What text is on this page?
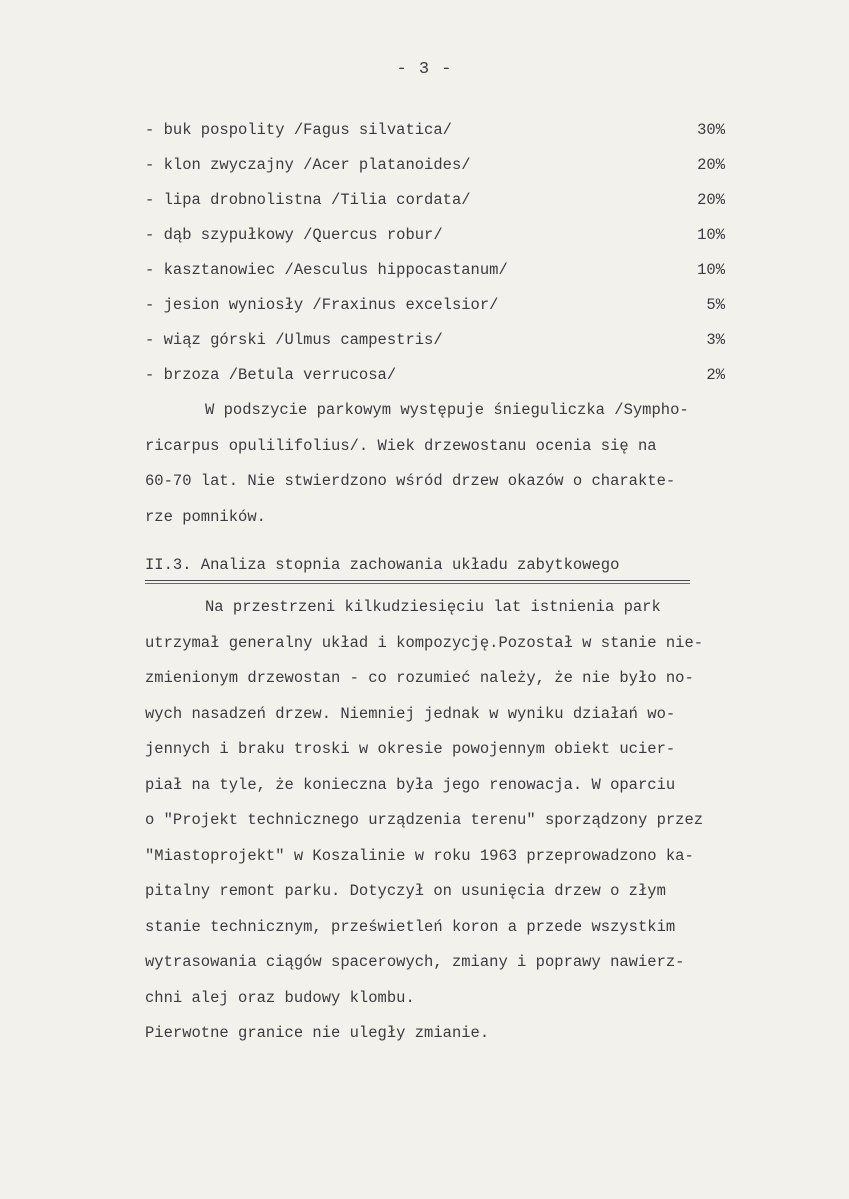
- 3 -
- buk pospolity /Fagus silvatica/	30%
- klon zwyczajny /Acer platanoides/	20%
- lipa drobnolistna /Tilia cordata/	20%
- dąb szypułkowy /Quercus robur/	10%
- kasztanowiec /Aesculus hippocastanum/	10%
- jesion wyniosły /Fraxinus excelsior/	5%
- wiąz górski /Ulmus campestris/	3%
- brzoza /Betula verrucosa/	2%

W podszycie parkowym występuje śnieguliczka /Sympho-
ricarpus opulilifolius/. Wiek drzewostanu ocenia się na
60-70 lat. Nie stwierdzono wśród drzew okazów o charakte-
rze pomników.

II.3. Analiza stopnia zachowania układu zabytkowego

Na przestrzeni kilkudziesięciu lat istnienia park
utrzymał generalny układ i kompozycję.Pozostał w stanie nie-
zmienionym drzewostan - co rozumieć należy, że nie było no-
wych nasadzeń drzew. Niemniej jednak w wyniku działań wo-
jennych i braku troski w okresie powojennym obiekt ucier-
piał na tyle, że konieczna była jego renowacja. W oparciu
o "Projekt technicznego urządzenia terenu" sporządzony przez
"Miastoprojekt" w Koszalinie w roku 1963 przeprowadzono ka-
pitalny remont parku. Dotyczył on usunięcia drzew o złym
stanie technicznym, prześwietleń koron a przede wszystkim
wytrasowania ciągów spacerowych, zmiany i poprawy nawierz-
chni alej oraz budowy klombu.
Pierwotne granice nie uległy zmianie.
